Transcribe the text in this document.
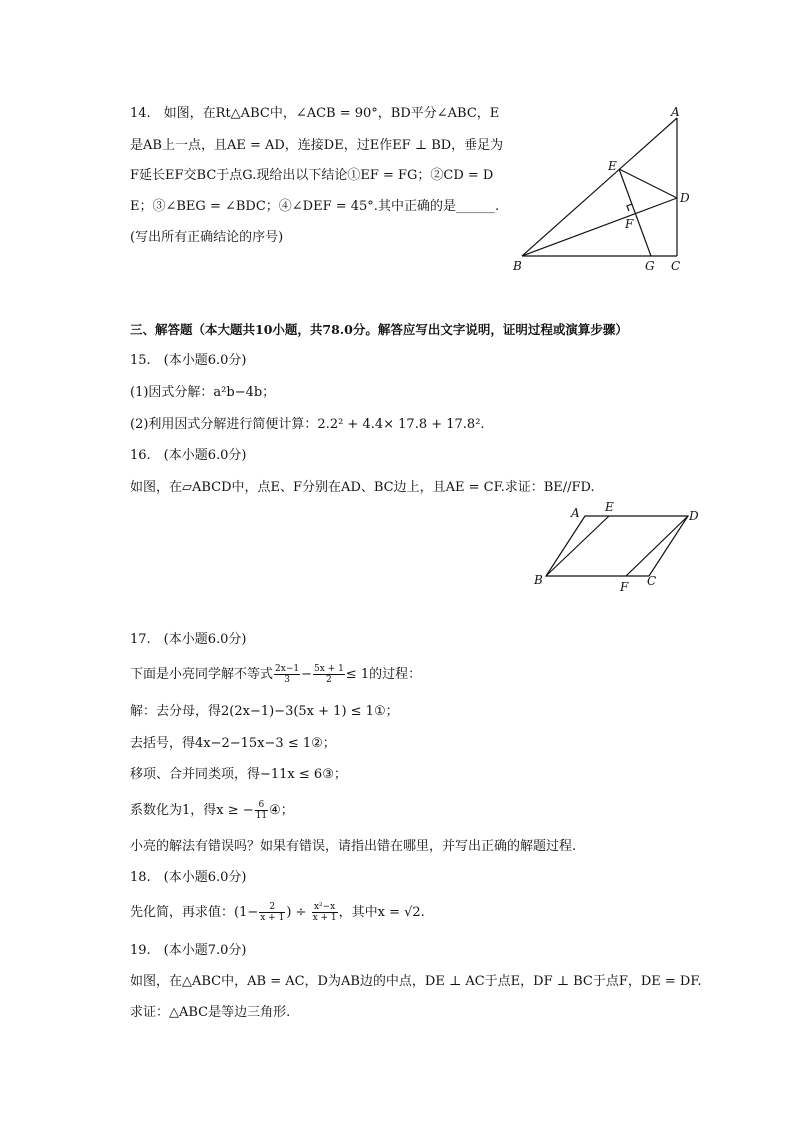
14.　如图，在Rt△ABC中，∠ACB = 90°，BD平分∠ABC，E
是AB上一点，且AE = AD，连接DE，过E作EF ⊥ BD，垂足为
F延长EF交BC于点G.现给出以下结论①EF = FG；②CD = D
E；③∠BEG = ∠BDC；④∠DEF = 45°.其中正确的是______.
(写出所有正确结论的序号)
A
E
D
F
B	G C
三、解答题（本大题共10小题，共78.0分。解答应写出文字说明，证明过程或演算步骤）
15.　(本小题6.0分)
(1)因式分解：a²b−4b；
(2)利用因式分解进行简便计算：2.2² + 4.4× 17.8 + 17.8².
16.　(本小题6.0分)
如图，在▱ABCD中，点E、F分别在AD、BC边上，且AE = CF.求证：BE//FD.
A E
D
B	F C
17.　(本小题6.0分)
下面是小亮同学解不等式 $\frac{2x-1}{3} - \frac{5x + 1}{2} \le 1$的过程：
解：去分母，得2(2x−1)−3(5x + 1) ≤ 1①；
去括号，得4x−2−15x−3 ≤ 1②；
移项、合并同类项，得−11x ≤ 6③；
系数化为1，得x ≥ − $\frac{6}{11}$ ④；
小亮的解法有错误吗？如果有错误，请指出错在哪里，并写出正确的解题过程.
18.　(本小题6.0分)
先化简，再求值：($1- \frac{2}{x + 1}$ ) ÷ $\frac{\text{x²−x}}{x + 1}$ ，其中x = √2.
19.　(本小题7.0分)
如图，在△ABC中，AB = AC，D为AB边的中点，DE ⊥ AC于点E，DF ⊥ BC于点F，DE = DF.
求证：△ABC是等边三角形.
